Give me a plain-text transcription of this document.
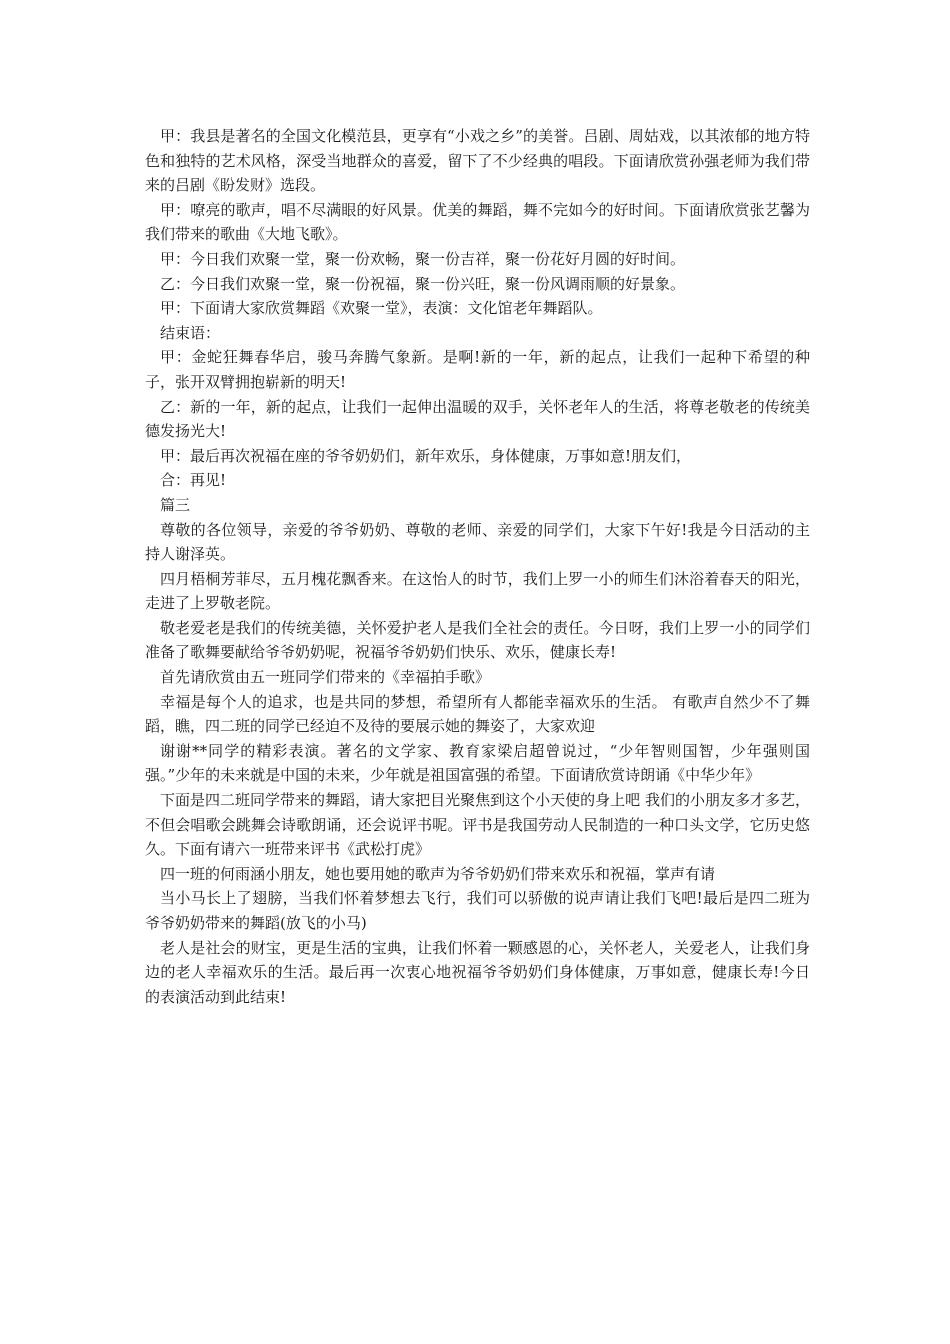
甲：我县是著名的全国文化模范县，更享有“小戏之乡”的美誉。吕剧、周姑戏，以其浓郁的地方特色和独特的艺术风格，深受当地群众的喜爱，留下了不少经典的唱段。下面请欣赏孙强老师为我们带来的吕剧《盼发财》选段。

甲：嘹亮的歌声，唱不尽满眼的好风景。优美的舞蹈，舞不完如今的好时间。下面请欣赏张艺馨为我们带来的歌曲《大地飞歌》。

甲：今日我们欢聚一堂，聚一份欢畅，聚一份吉祥，聚一份花好月圆的好时间。

乙：今日我们欢聚一堂，聚一份祝福，聚一份兴旺，聚一份风调雨顺的好景象。

甲：下面请大家欣赏舞蹈《欢聚一堂》，表演：文化馆老年舞蹈队。

结束语：

甲：金蛇狂舞春华启，骏马奔腾气象新。是啊!新的一年，新的起点，让我们一起种下希望的种子，张开双臂拥抱崭新的明天!

乙：新的一年，新的起点，让我们一起伸出温暖的双手，关怀老年人的生活，将尊老敬老的传统美德发扬光大!

甲：最后再次祝福在座的爷爷奶奶们，新年欢乐，身体健康，万事如意!朋友们，

合：再见!

篇三

尊敬的各位领导，亲爱的爷爷奶奶、尊敬的老师、亲爱的同学们，大家下午好!我是今日活动的主持人谢泽英。

四月梧桐芳菲尽，五月槐花飘香来。在这怡人的时节，我们上罗一小的师生们沐浴着春天的阳光，走进了上罗敬老院。

敬老爱老是我们的传统美德，关怀爱护老人是我们全社会的责任。今日呀，我们上罗一小的同学们准备了歌舞要献给爷爷奶奶呢，祝福爷爷奶奶们快乐、欢乐，健康长寿!

首先请欣赏由五一班同学们带来的《幸福拍手歌》

幸福是每个人的追求，也是共同的梦想，希望所有人都能幸福欢乐的生活。 有歌声自然少不了舞蹈，瞧，四二班的同学已经迫不及待的要展示她的舞姿了，大家欢迎

谢谢**同学的精彩表演。著名的文学家、教育家梁启超曾说过，“少年智则国智，少年强则国强。”少年的未来就是中国的未来，少年就是祖国富强的希望。下面请欣赏诗朗诵《中华少年》

下面是四二班同学带来的舞蹈，请大家把目光聚焦到这个小天使的身上吧 我们的小朋友多才多艺，不但会唱歌会跳舞会诗歌朗诵，还会说评书呢。评书是我国劳动人民制造的一种口头文学，它历史悠久。下面有请六一班带来评书《武松打虎》

四一班的何雨涵小朋友，她也要用她的歌声为爷爷奶奶们带来欢乐和祝福，掌声有请

当小马长上了翅膀，当我们怀着梦想去飞行，我们可以骄傲的说声请让我们飞吧!最后是四二班为爷爷奶奶带来的舞蹈(放飞的小马)

老人是社会的财宝，更是生活的宝典，让我们怀着一颗感恩的心，关怀老人，关爱老人，让我们身边的老人幸福欢乐的生活。最后再一次衷心地祝福爷爷奶奶们身体健康，万事如意，健康长寿!今日的表演活动到此结束!
